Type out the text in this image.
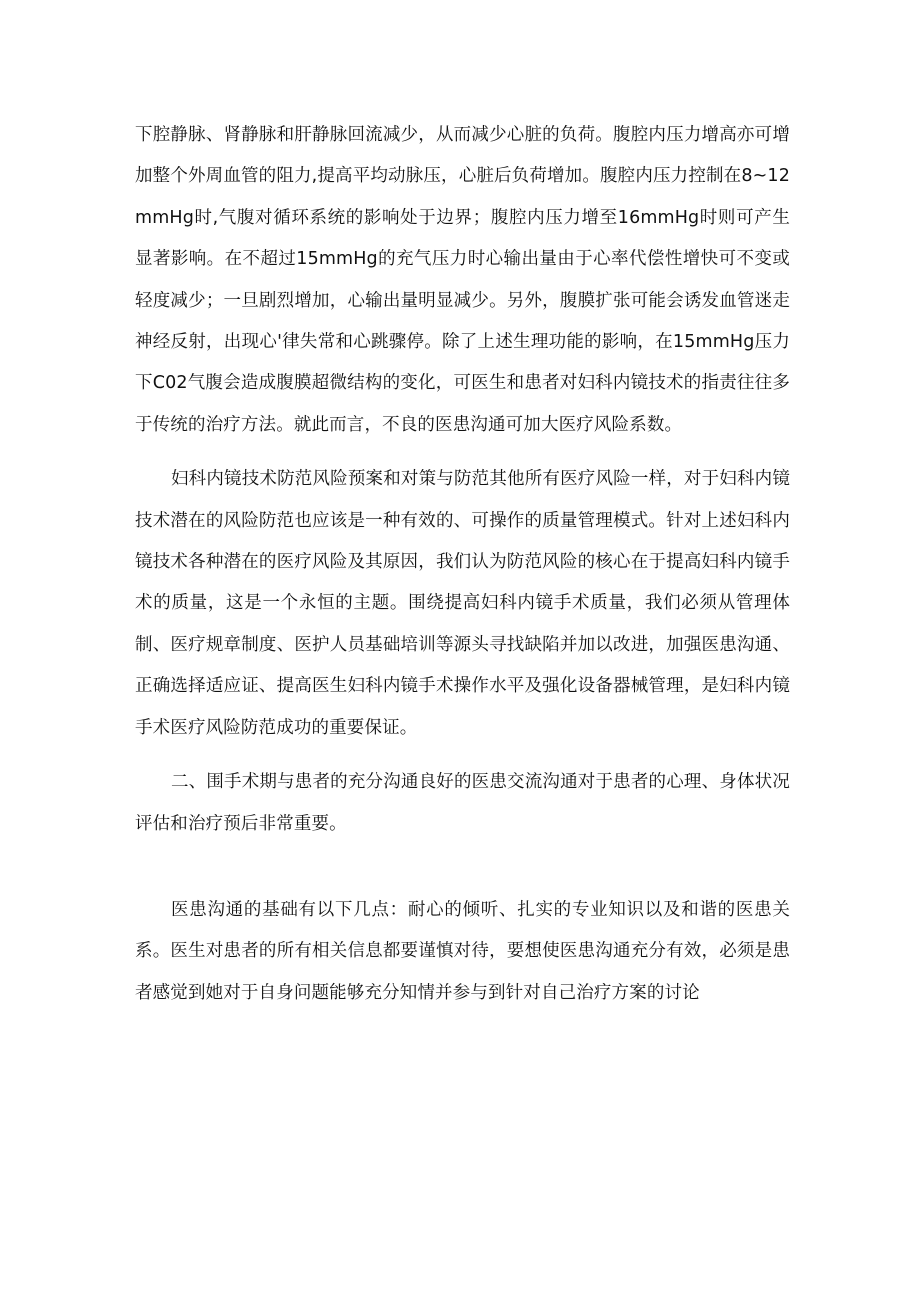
下腔静脉、肾静脉和肝静脉回流减少，从而减少心脏的负荷。腹腔内压力增高亦可增加整个外周血管的阻力,提高平均动脉压，心脏后负荷增加。腹腔内压力控制在8~12mmHg时,气腹对循环系统的影响处于边界；腹腔内压力增至16mmHg时则可产生显著影响。在不超过15mmHg的充气压力时心输出量由于心率代偿性增快可不变或轻度减少；一旦剧烈增加，心输出量明显减少。另外，腹膜扩张可能会诱发血管迷走神经反射，出现心'律失常和心跳骤停。除了上述生理功能的影响，在15mmHg压力下C02气腹会造成腹膜超微结构的变化，可医生和患者对妇科内镜技术的指责往往多于传统的治疗方法。就此而言，不良的医患沟通可加大医疗风险系数。

妇科内镜技术防范风险预案和对策与防范其他所有医疗风险一样，对于妇科内镜技术潜在的风险防范也应该是一种有效的、可操作的质量管理模式。针对上述妇科内镜技术各种潜在的医疗风险及其原因，我们认为防范风险的核心在于提高妇科内镜手术的质量，这是一个永恒的主题。围绕提高妇科内镜手术质量，我们必须从管理体制、医疗规章制度、医护人员基础培训等源头寻找缺陷并加以改进，加强医患沟通、正确选择适应证、提高医生妇科内镜手术操作水平及强化设备器械管理，是妇科内镜手术医疗风险防范成功的重要保证。

二、围手术期与患者的充分沟通良好的医患交流沟通对于患者的心理、身体状况评估和治疗预后非常重要。

医患沟通的基础有以下几点：耐心的倾听、扎实的专业知识以及和谐的医患关系。医生对患者的所有相关信息都要谨慎对待，要想使医患沟通充分有效，必须是患者感觉到她对于自身问题能够充分知情并参与到针对自己治疗方案的讨论
